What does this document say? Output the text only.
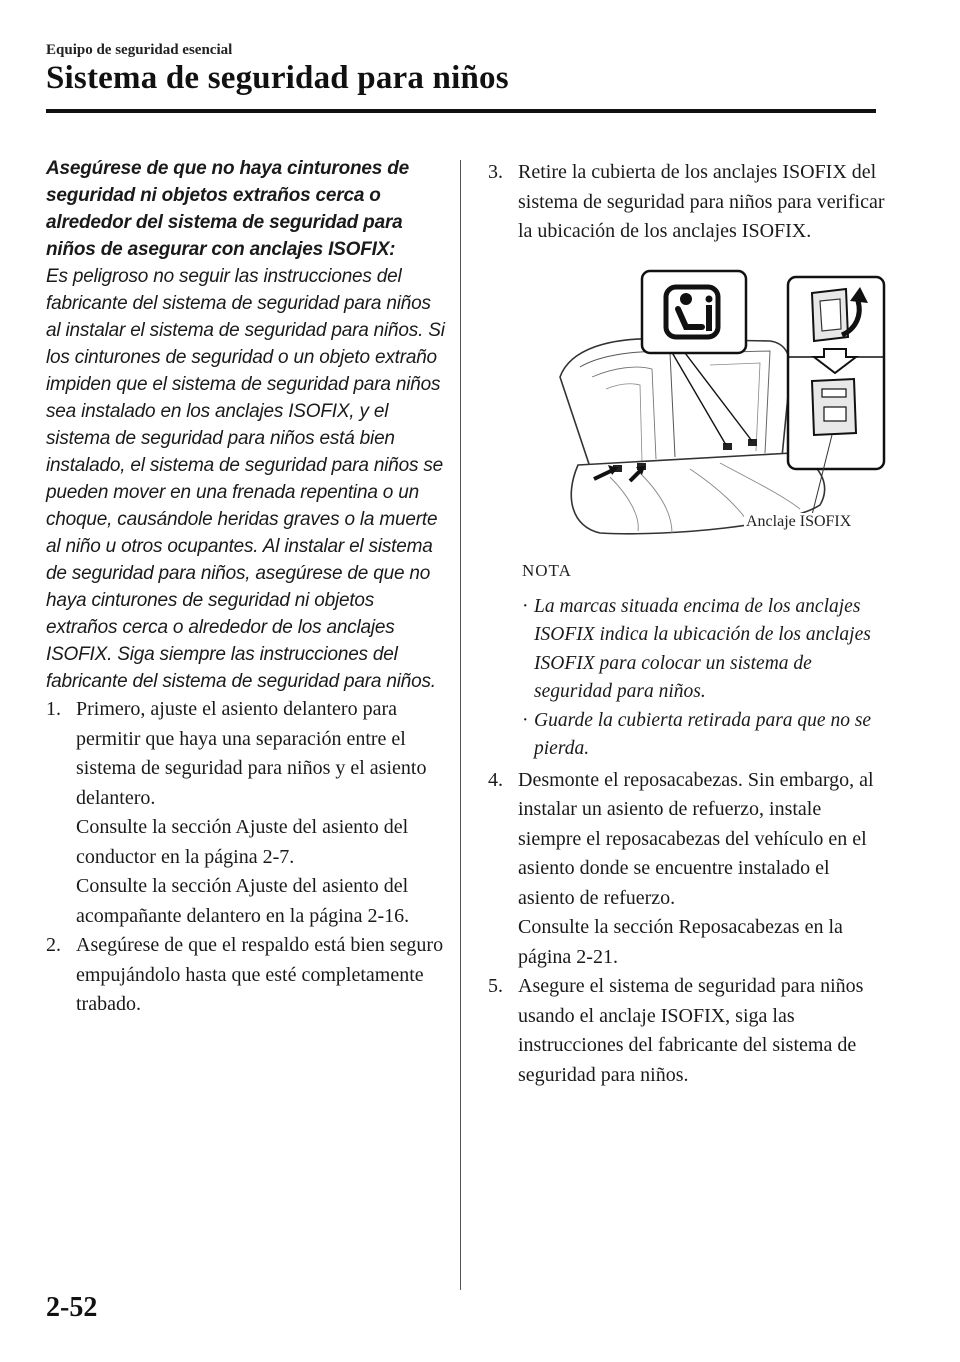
Equipo de seguridad esencial
Sistema de seguridad para niños

Asegúrese de que no haya cinturones de seguridad ni objetos extraños cerca o alrededor del sistema de seguridad para niños de asegurar con anclajes ISOFIX:
Es peligroso no seguir las instrucciones del fabricante del sistema de seguridad para niños al instalar el sistema de seguridad para niños. Si los cinturones de seguridad o un objeto extraño impiden que el sistema de seguridad para niños sea instalado en los anclajes ISOFIX, y el sistema de seguridad para niños está bien instalado, el sistema de seguridad para niños se pueden mover en una frenada repentina o un choque, causándole heridas graves o la muerte al niño u otros ocupantes. Al instalar el sistema de seguridad para niños, asegúrese de que no haya cinturones de seguridad ni objetos extraños cerca o alrededor de los anclajes ISOFIX. Siga siempre las instrucciones del fabricante del sistema de seguridad para niños.

1. Primero, ajuste el asiento delantero para permitir que haya una separación entre el sistema de seguridad para niños y el asiento delantero.
Consulte la sección Ajuste del asiento del conductor en la página 2-7.
Consulte la sección Ajuste del asiento del acompañante delantero en la página 2-16.
2. Asegúrese de que el respaldo está bien seguro empujándolo hasta que esté completamente trabado.
3. Retire la cubierta de los anclajes ISOFIX del sistema de seguridad para niños para verificar la ubicación de los anclajes ISOFIX.
Anclaje ISOFIX
NOTA
· La marcas situada encima de los anclajes ISOFIX indica la ubicación de los anclajes ISOFIX para colocar un sistema de seguridad para niños.
· Guarde la cubierta retirada para que no se pierda.
4. Desmonte el reposacabezas. Sin embargo, al instalar un asiento de refuerzo, instale siempre el reposacabezas del vehículo en el asiento donde se encuentre instalado el asiento de refuerzo.
Consulte la sección Reposacabezas en la página 2-21.
5. Asegure el sistema de seguridad para niños usando el anclaje ISOFIX, siga las instrucciones del fabricante del sistema de seguridad para niños.
2-52
